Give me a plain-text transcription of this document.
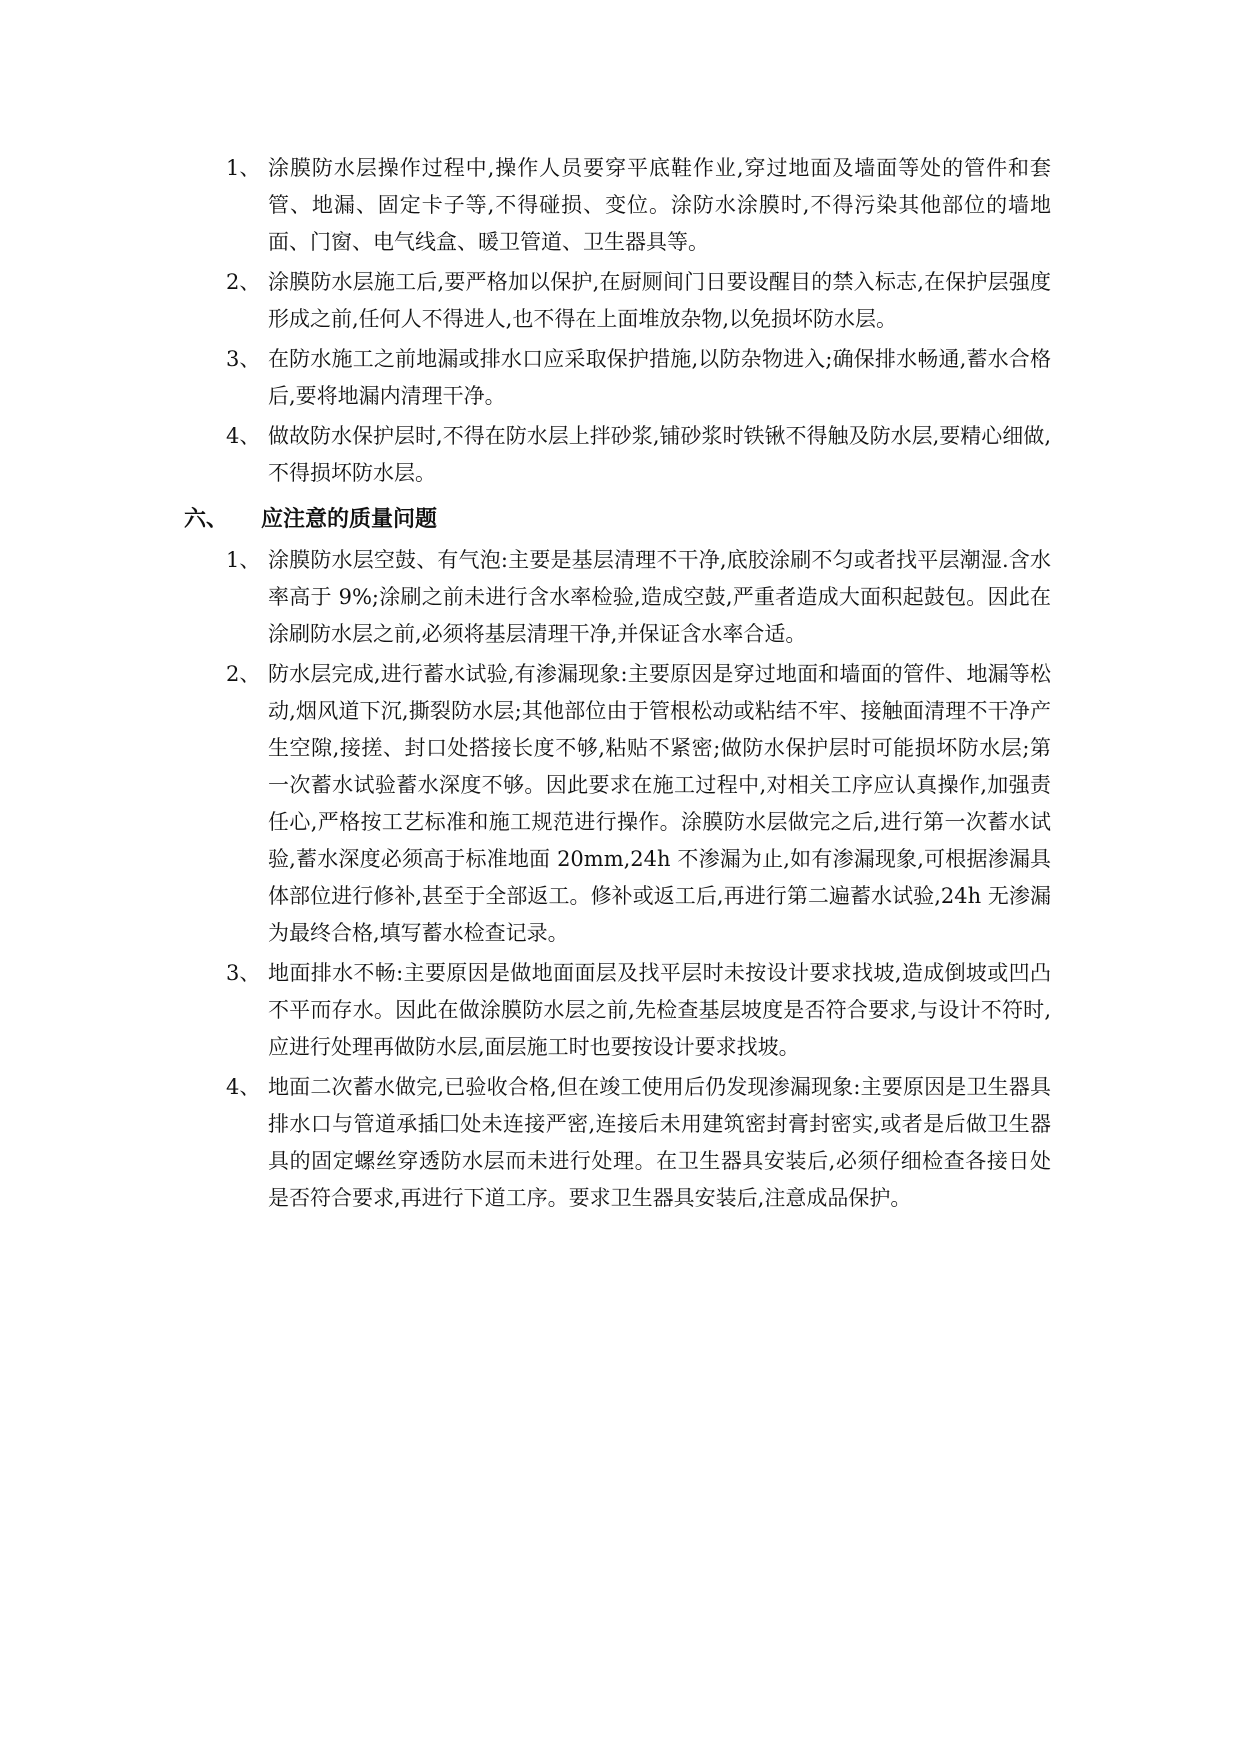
1、 涂膜防水层操作过程中,操作人员要穿平底鞋作业,穿过地面及墙面等处的管件和套管、地漏、固定卡子等,不得碰损、变位。涂防水涂膜时,不得污染其他部位的墙地面、门窗、电气线盒、暖卫管道、卫生器具等。
2、 涂膜防水层施工后,要严格加以保护,在厨厕间门日要设醒目的禁入标志,在保护层强度形成之前,任何人不得进人,也不得在上面堆放杂物,以免损坏防水层。
3、 在防水施工之前地漏或排水口应采取保护措施,以防杂物进入;确保排水畅通,蓄水合格后,要将地漏内清理干净。
4、 做故防水保护层时,不得在防水层上拌砂浆,铺砂浆时铁锹不得触及防水层,要精心细做,不得损坏防水层。
六、 应注意的质量问题
1、 涂膜防水层空鼓、有气泡:主要是基层清理不干净,底胶涂刷不匀或者找平层潮湿.含水率高于 9%;涂刷之前未进行含水率检验,造成空鼓,严重者造成大面积起鼓包。因此在涂刷防水层之前,必须将基层清理干净,并保证含水率合适。
2、 防水层完成,进行蓄水试验,有渗漏现象:主要原因是穿过地面和墙面的管件、地漏等松动,烟风道下沉,撕裂防水层;其他部位由于管根松动或粘结不牢、接触面清理不干净产生空隙,接搓、封口处搭接长度不够,粘贴不紧密;做防水保护层时可能损坏防水层;第一次蓄水试验蓄水深度不够。因此要求在施工过程中,对相关工序应认真操作,加强责任心,严格按工艺标准和施工规范进行操作。涂膜防水层做完之后,进行第一次蓄水试验,蓄水深度必须高于标准地面 20mm,24h 不渗漏为止,如有渗漏现象,可根据渗漏具体部位进行修补,甚至于全部返工。修补或返工后,再进行第二遍蓄水试验,24h 无渗漏为最终合格,填写蓄水检查记录。
3、 地面排水不畅:主要原因是做地面面层及找平层时未按设计要求找坡,造成倒坡或凹凸不平而存水。因此在做涂膜防水层之前,先检查基层坡度是否符合要求,与设计不符时,应进行处理再做防水层,面层施工时也要按设计要求找坡。
4、 地面二次蓄水做完,已验收合格,但在竣工使用后仍发现渗漏现象:主要原因是卫生器具排水口与管道承插囗处未连接严密,连接后未用建筑密封膏封密实,或者是后做卫生器具的固定螺丝穿透防水层而未进行处理。在卫生器具安装后,必须仔细检查各接日处是否符合要求,再进行下道工序。要求卫生器具安装后,注意成品保护。
